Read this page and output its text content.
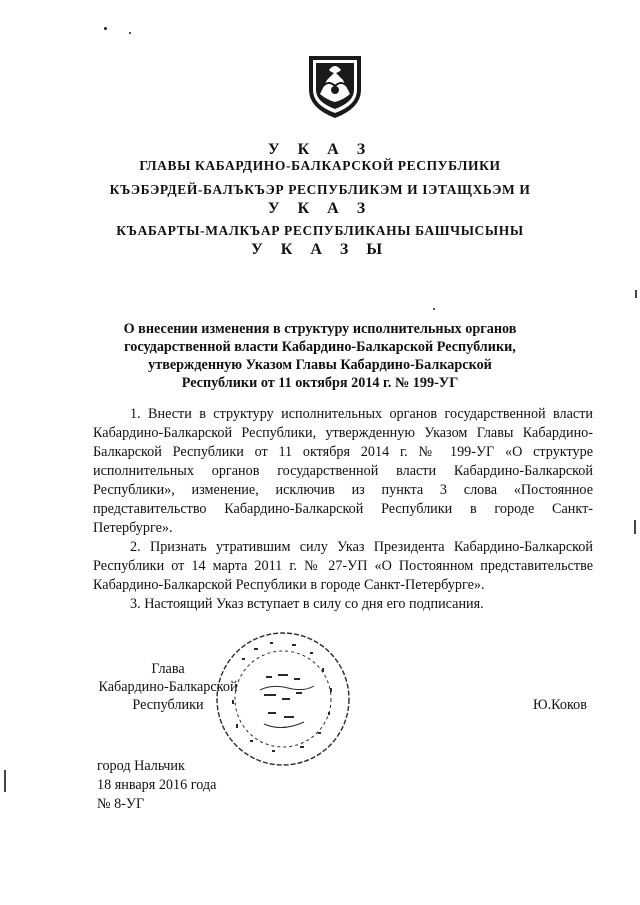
У К А З
ГЛАВЫ КАБАРДИНО-БАЛКАРСКОЙ РЕСПУБЛИКИ
КЪЭБЭРДЕЙ-БАЛЪКЪЭР РЕСПУБЛИКЭМ И IЭТАЩХЬЭМ И
У К А З
КЪАБАРТЫ-МАЛКЪАР РЕСПУБЛИКАНЫ БАШЧЫСЫНЫ
У К А З Ы
О внесении изменения в структуру исполнительных органов
государственной власти Кабардино-Балкарской Республики,
утвержденную Указом Главы Кабардино-Балкарской
Республики от 11 октября 2014 г. № 199-УГ

1. Внести в структуру исполнительных органов государственной власти Кабардино-Балкарской Республики, утвержденную Указом Главы Кабардино-Балкарской Республики от 11 октября 2014 г. № 199-УГ «О структуре исполнительных органов государственной власти Кабардино-Балкарской Республики», изменение, исключив из пункта 3 слова «Постоянное представительство Кабардино-Балкарской Республики в городе Санкт-Петербурге».

2. Признать утратившим силу Указ Президента Кабардино-Балкарской Республики от 14 марта 2011 г. № 27-УП «О Постоянном представительстве Кабардино-Балкарской Республики в городе Санкт-Петербурге».

3. Настоящий Указ вступает в силу со дня его подписания.

Глава
Кабардино-Балкарской
Республики	Ю.Коков
город Нальчик
18 января 2016 года
№ 8-УГ
